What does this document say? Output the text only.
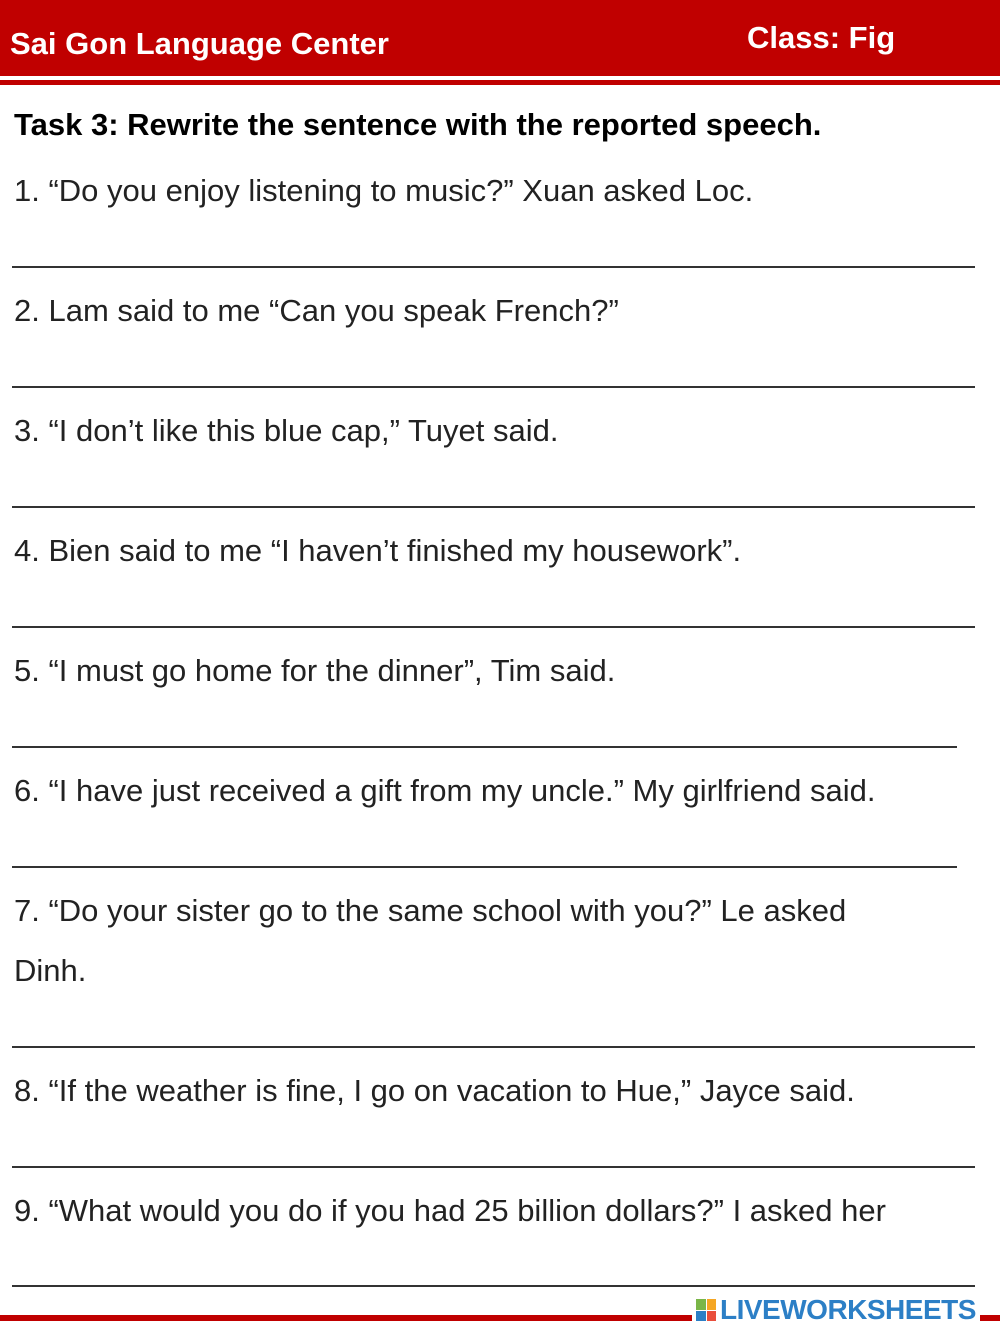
Sai Gon Language Center	Class: Fig
Task 3: Rewrite the sentence with the reported speech.
1. “Do you enjoy listening to music?” Xuan asked Loc.
2. Lam said to me “Can you speak French?”
3. “I don’t like this blue cap,” Tuyet said.
4. Bien said to me “I haven’t finished my housework”.
5. “I must go home for the dinner”, Tim said.
6. “I have just received a gift from my uncle.” My girlfriend said.
7. “Do your sister go to the same school with you?” Le asked
Dinh.
8. “If the weather is fine, I go on vacation to Hue,” Jayce said.
9. “What would you do if you had 25 billion dollars?” I asked her
LIVEWORKSHEETS
